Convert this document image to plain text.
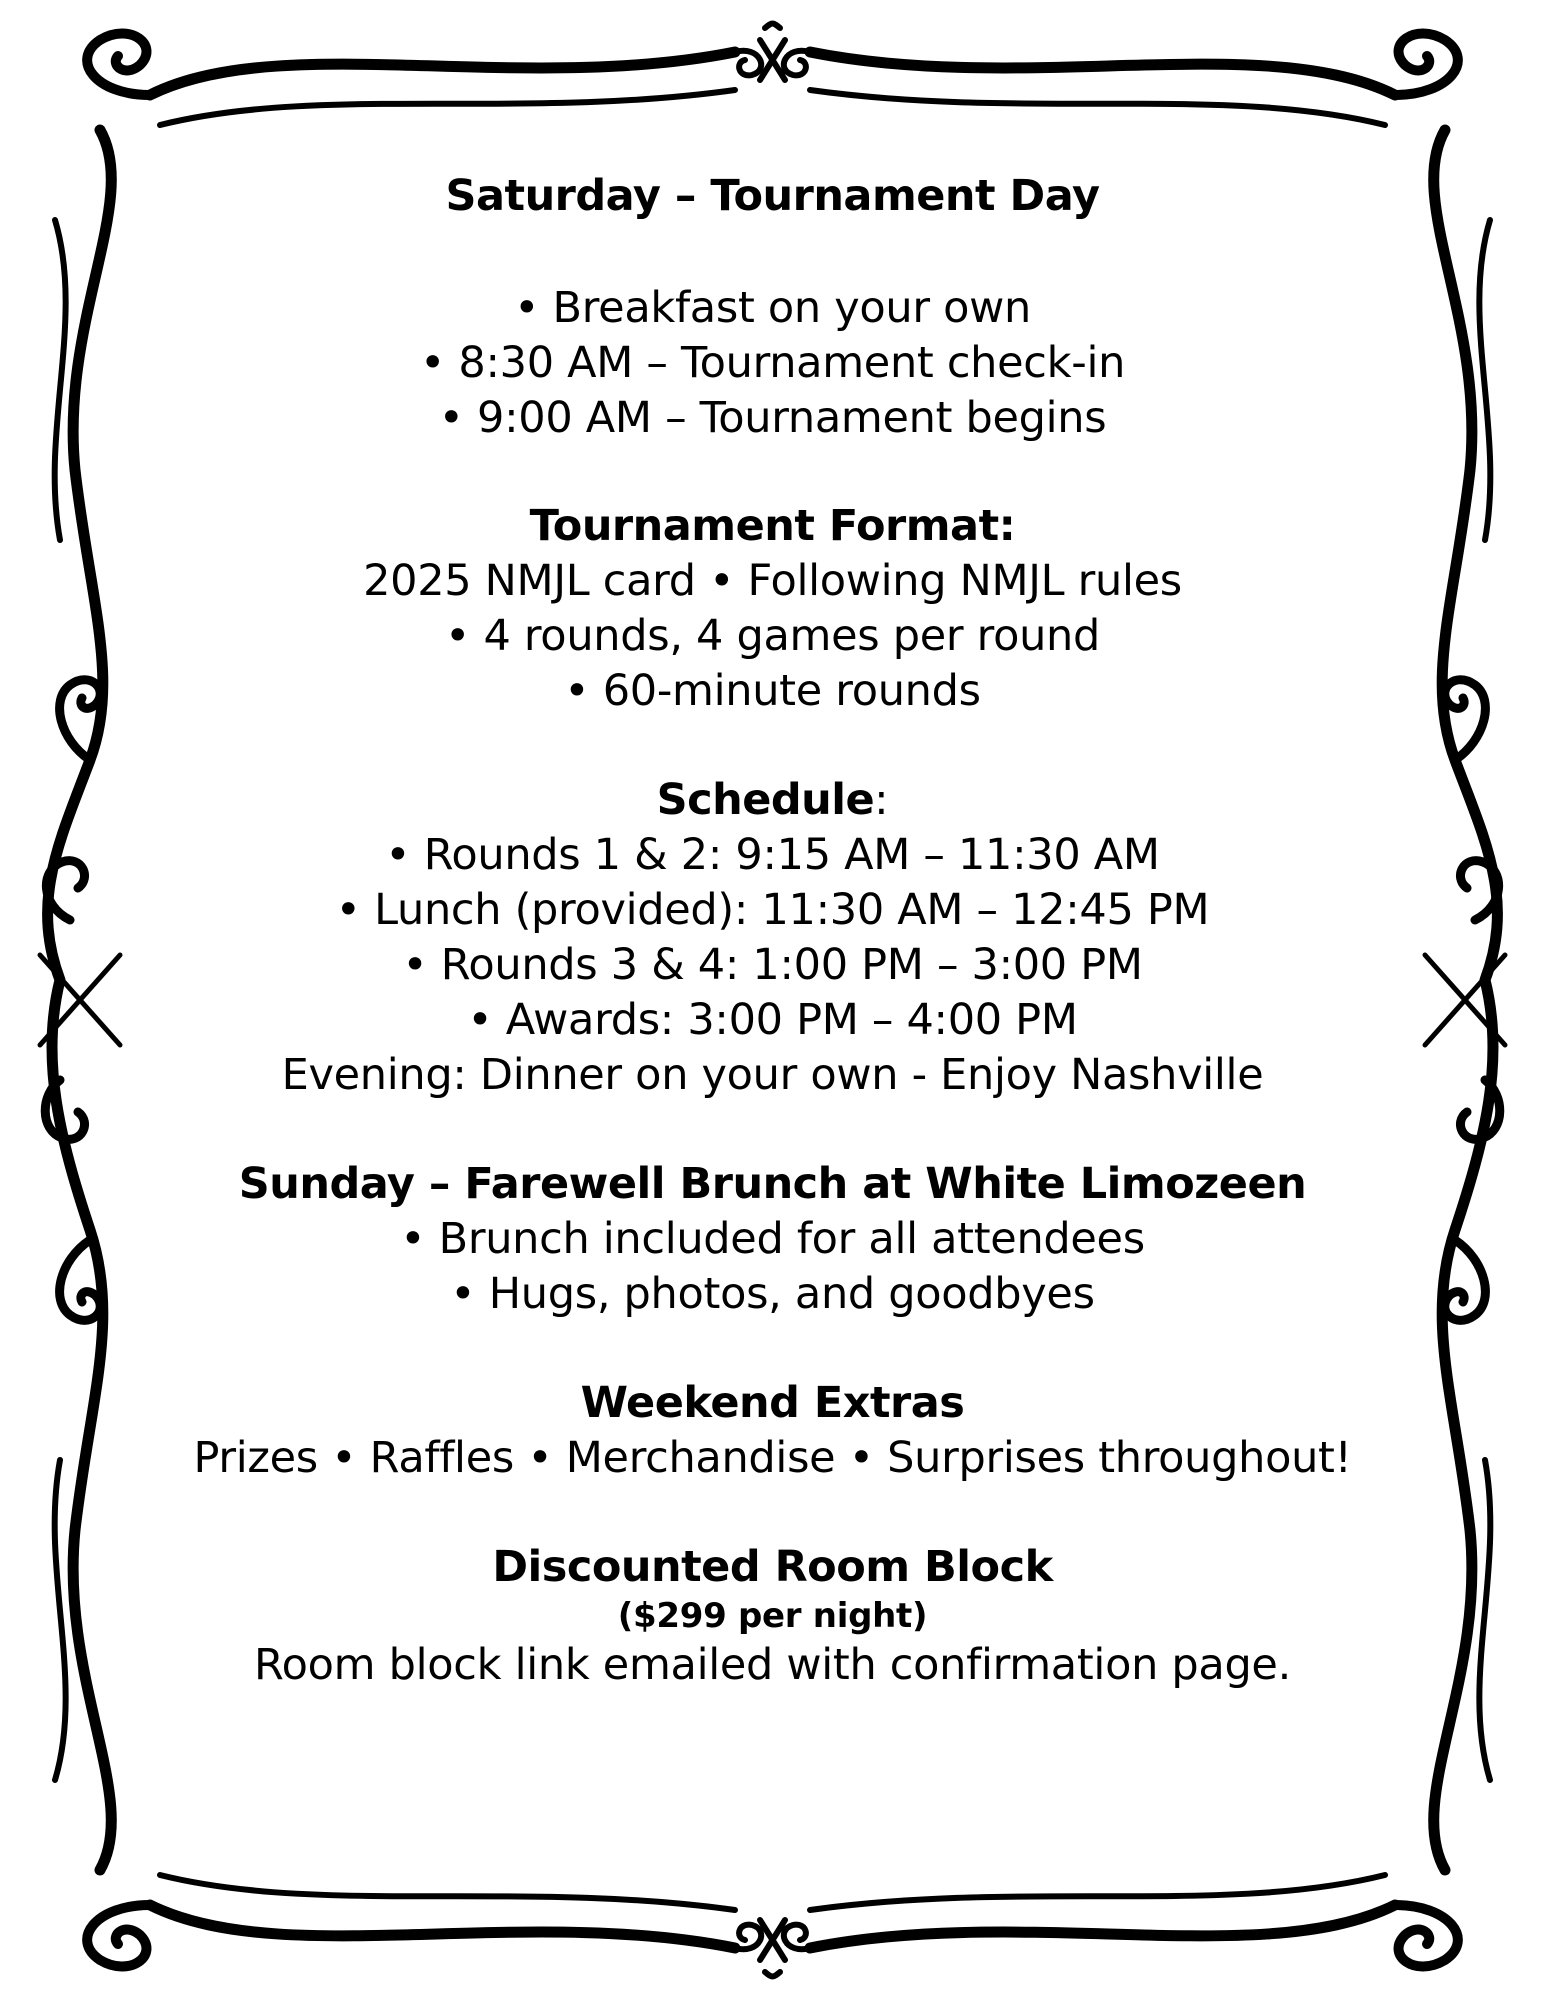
Saturday – Tournament Day
• Breakfast on your own
• 8:30 AM – Tournament check-in
• 9:00 AM – Tournament begins
Tournament Format:
2025 NMJL card • Following NMJL rules
• 4 rounds, 4 games per round
• 60-minute rounds
Schedule:
• Rounds 1 & 2: 9:15 AM – 11:30 AM
• Lunch (provided): 11:30 AM – 12:45 PM
• Rounds 3 & 4: 1:00 PM – 3:00 PM
• Awards: 3:00 PM – 4:00 PM
Evening: Dinner on your own - Enjoy Nashville
Sunday – Farewell Brunch at White Limozeen
• Brunch included for all attendees
• Hugs, photos, and goodbyes
Weekend Extras
Prizes • Raffles • Merchandise • Surprises throughout!
Discounted Room Block
($299 per night)
Room block link emailed with confirmation page.
